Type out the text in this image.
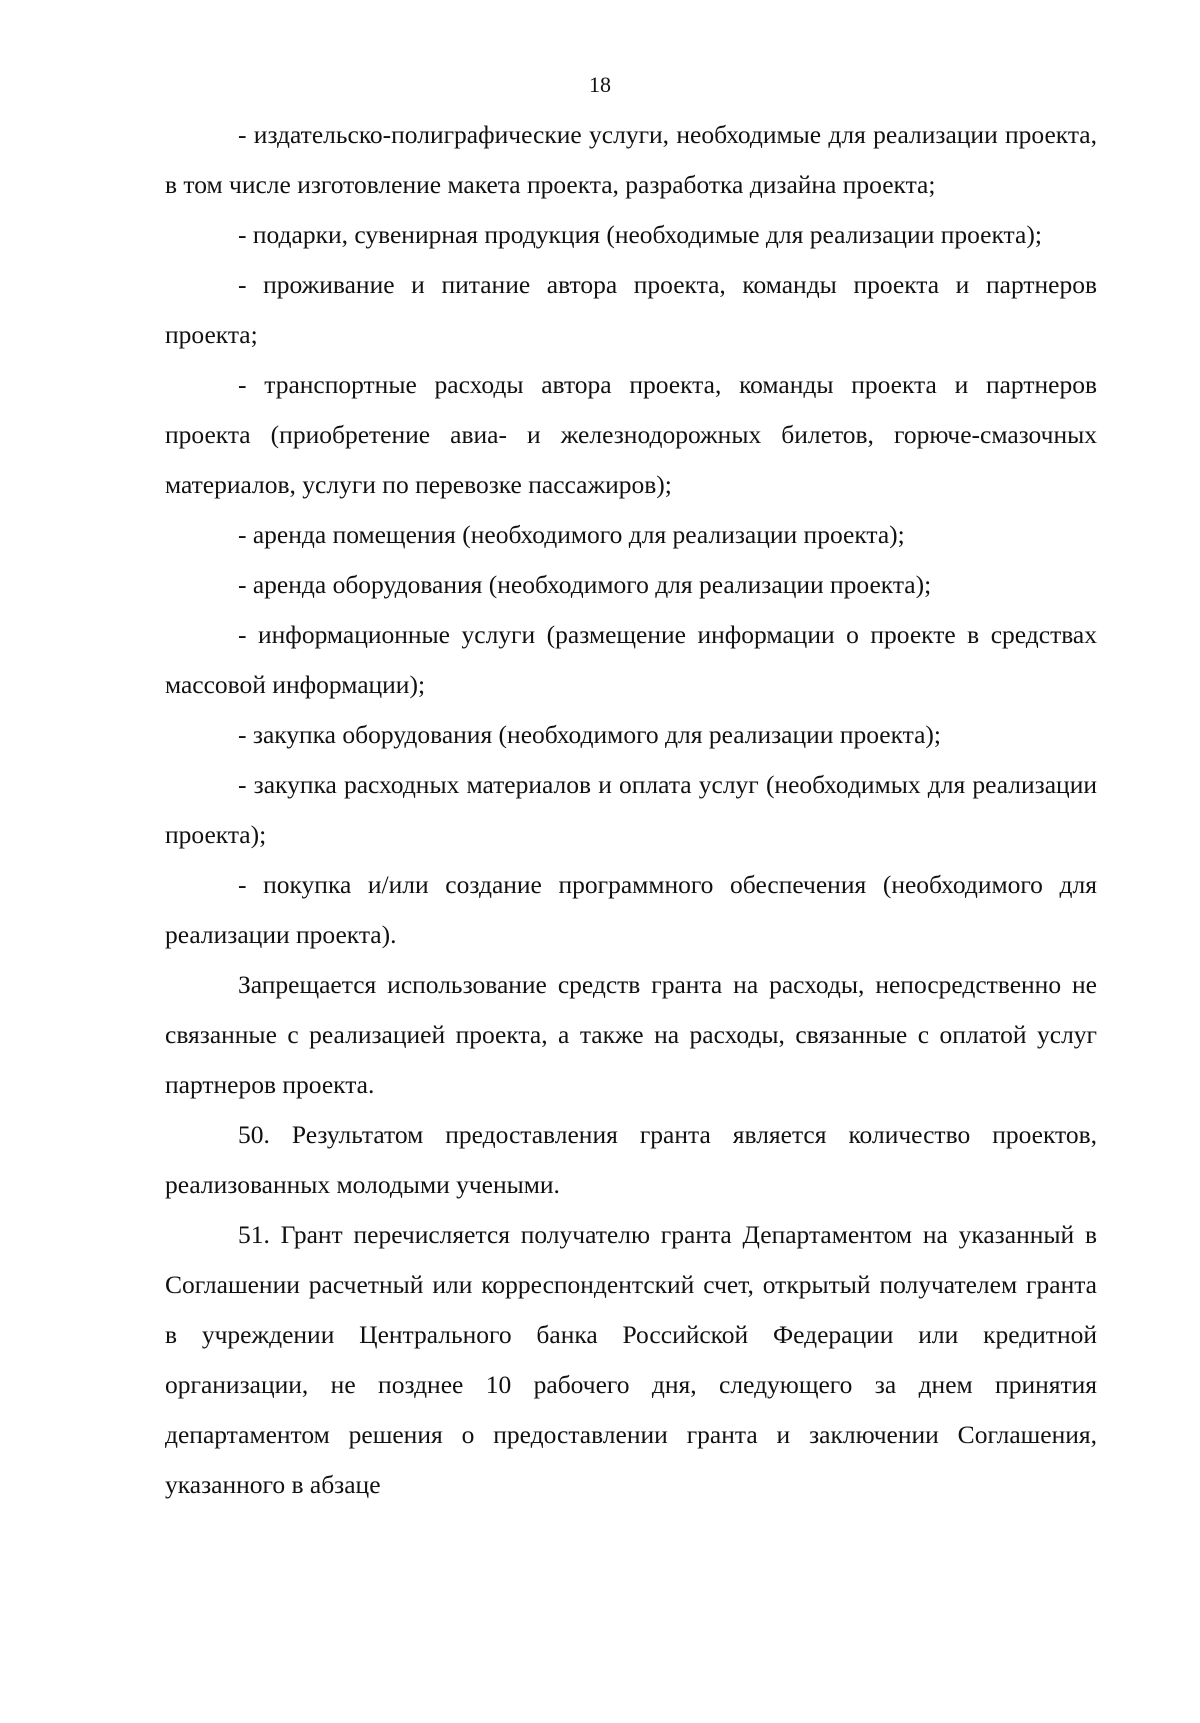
18

- издательско-полиграфические услуги, необходимые для реализации проекта, в том числе изготовление макета проекта, разработка дизайна проекта;

- подарки, сувенирная продукция (необходимые для реализации проекта);

- проживание и питание автора проекта, команды проекта и партнеров проекта;

- транспортные расходы автора проекта, команды проекта и партнеров проекта (приобретение авиа- и железнодорожных билетов, горюче-смазочных материалов, услуги по перевозке пассажиров);

- аренда помещения (необходимого для реализации проекта);

- аренда оборудования (необходимого для реализации проекта);

- информационные услуги (размещение информации о проекте в средствах массовой информации);

- закупка оборудования (необходимого для реализации проекта);

- закупка расходных материалов и оплата услуг (необходимых для реализации проекта);

- покупка и/или создание программного обеспечения (необходимого для реализации проекта).

Запрещается использование средств гранта на расходы, непосредственно не связанные с реализацией проекта, а также на расходы, связанные с оплатой услуг партнеров проекта.

50. Результатом предоставления гранта является количество проектов, реализованных молодыми учеными.

51. Грант перечисляется получателю гранта Департаментом на указанный в Соглашении расчетный или корреспондентский счет, открытый получателем гранта в учреждении Центрального банка Российской Федерации или кредитной организации, не позднее 10 рабочего дня, следующего за днем принятия департаментом решения о предоставлении гранта и заключении Соглашения, указанного в абзаце
